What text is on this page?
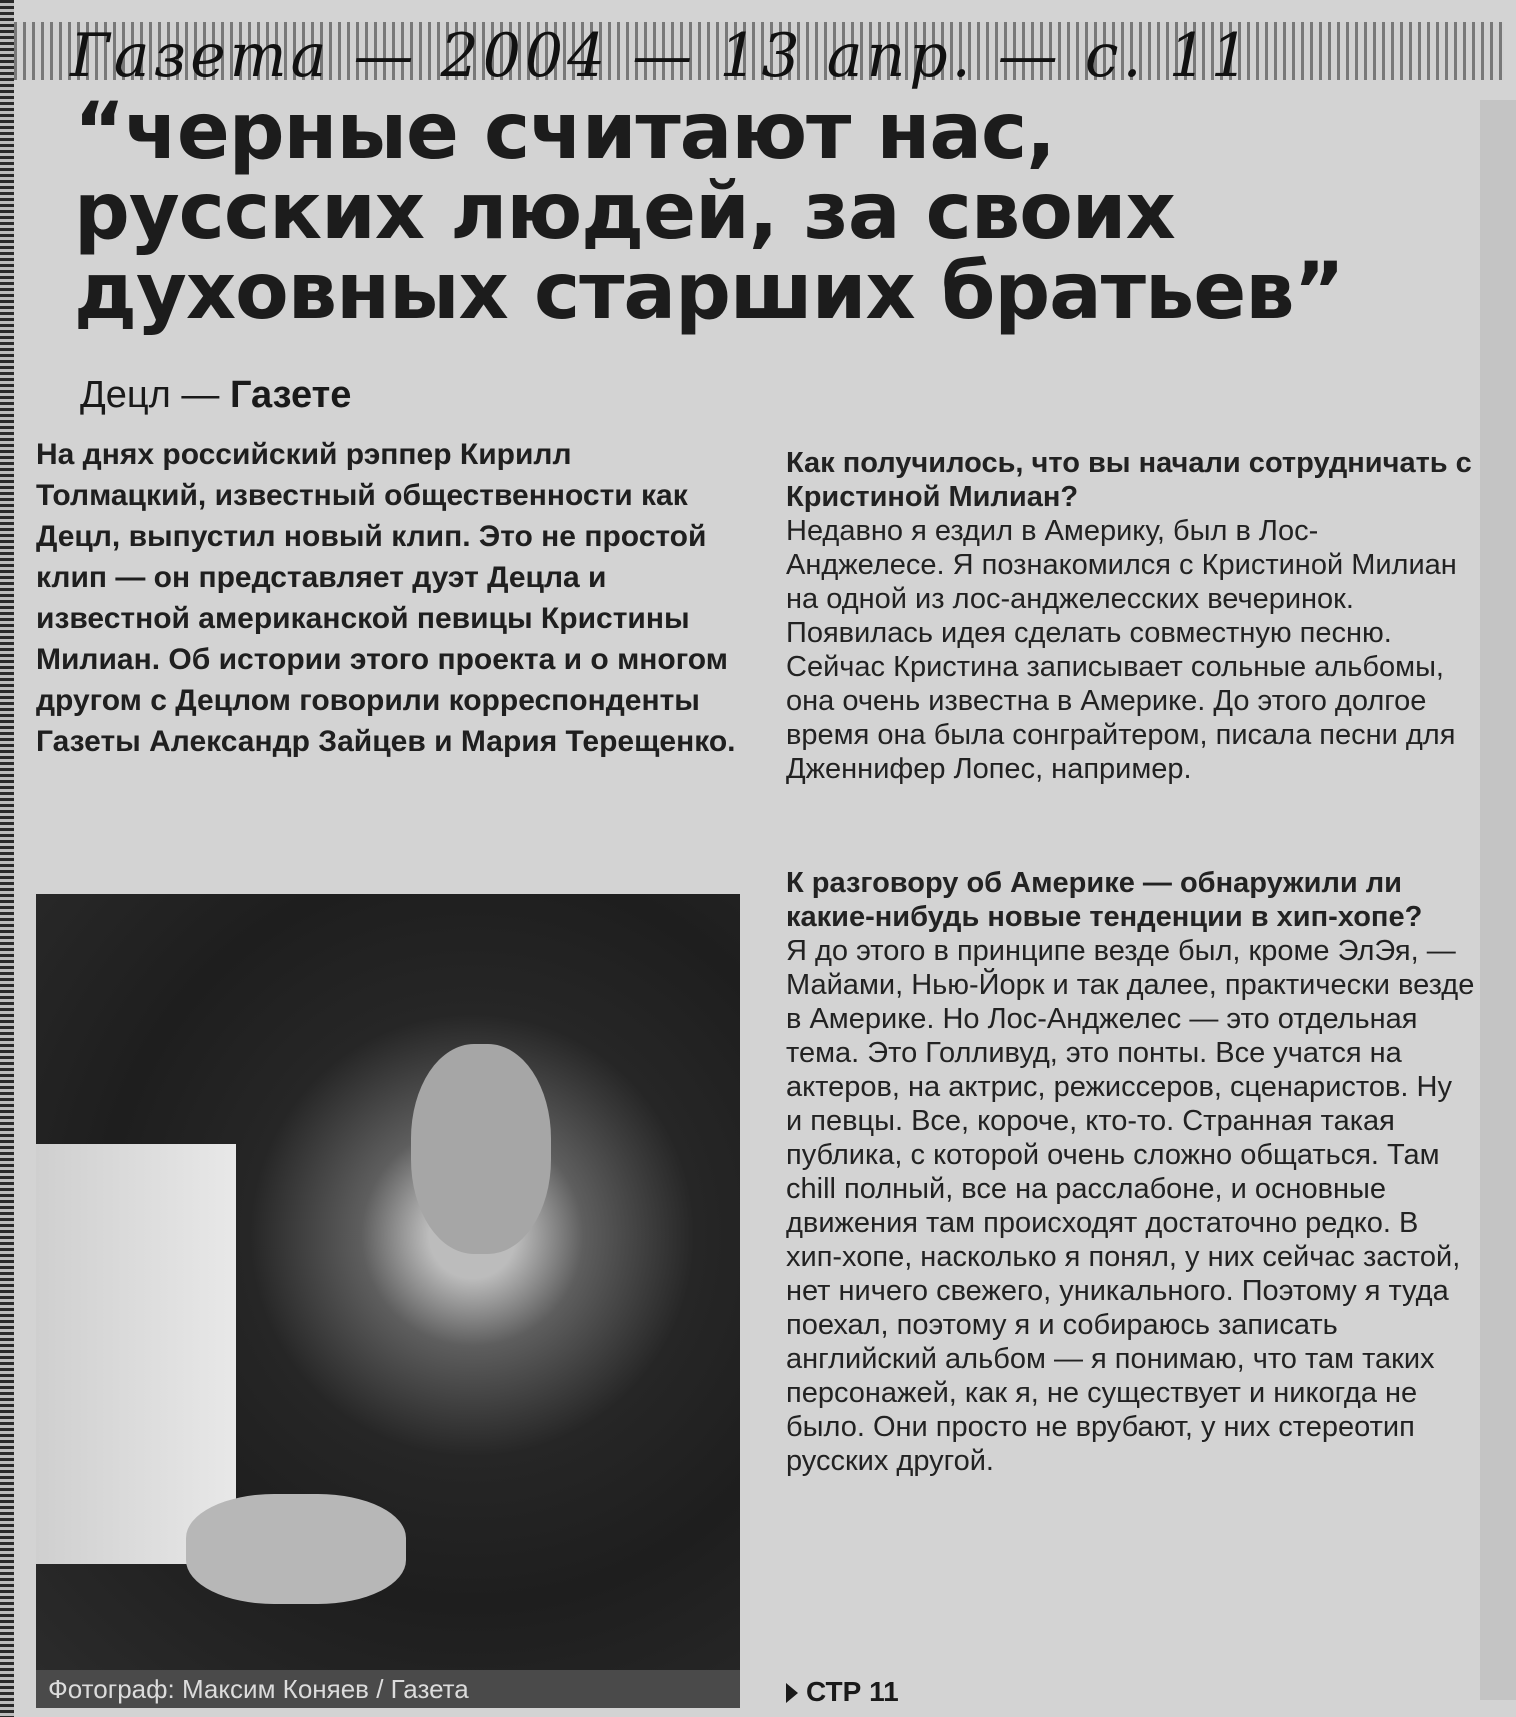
Газета — 2004 — 13 апр. — с. 11
“черные считают нас,
русских людей, за своих
духовных старших братьев”
Децл — Газете
На днях российский рэппер Кирилл Толмацкий, известный общественности как Децл, выпустил новый клип. Это не простой клип — он представляет дуэт Децла и известной американской певицы Кристины Милиан. Об истории этого проекта и о многом другом с Децлом говорили корреспонденты Газеты Александр Зайцев и Мария Терещенко.
Фотограф: Максим Коняев / Газета

Как получилось, что вы начали сотрудничать с Кристиной Милиан?

Недавно я ездил в Америку, был в Лос-Анджелесе. Я познакомился с Кристиной Милиан на одной из лос-анджелесских вечеринок. Появилась идея сделать совместную песню. Сейчас Кристина записывает сольные альбомы, она очень известна в Америке. До этого долгое время она была сонграйтером, писала песни для Дженнифер Лопес, например.

К разговору об Америке — обнаружили ли какие-нибудь новые тенденции в хип-хопе?

Я до этого в принципе везде был, кроме ЭлЭя, — Майами, Нью-Йорк и так далее, практически везде в Америке. Но Лос-Анджелес — это отдельная тема. Это Голливуд, это понты. Все учатся на актеров, на актрис, режиссеров, сценаристов. Ну и певцы. Все, короче, кто-то. Странная такая публика, с которой очень сложно общаться. Там chill полный, все на расслабоне, и основные движения там происходят достаточно редко. В хип-хопе, насколько я понял, у них сейчас застой, нет ничего свежего, уникального. Поэтому я туда поехал, поэтому я и собираюсь записать английский альбом — я понимаю, что там таких персонажей, как я, не существует и никогда не было. Они просто не врубают, у них стереотип русских другой.

СТР 11
